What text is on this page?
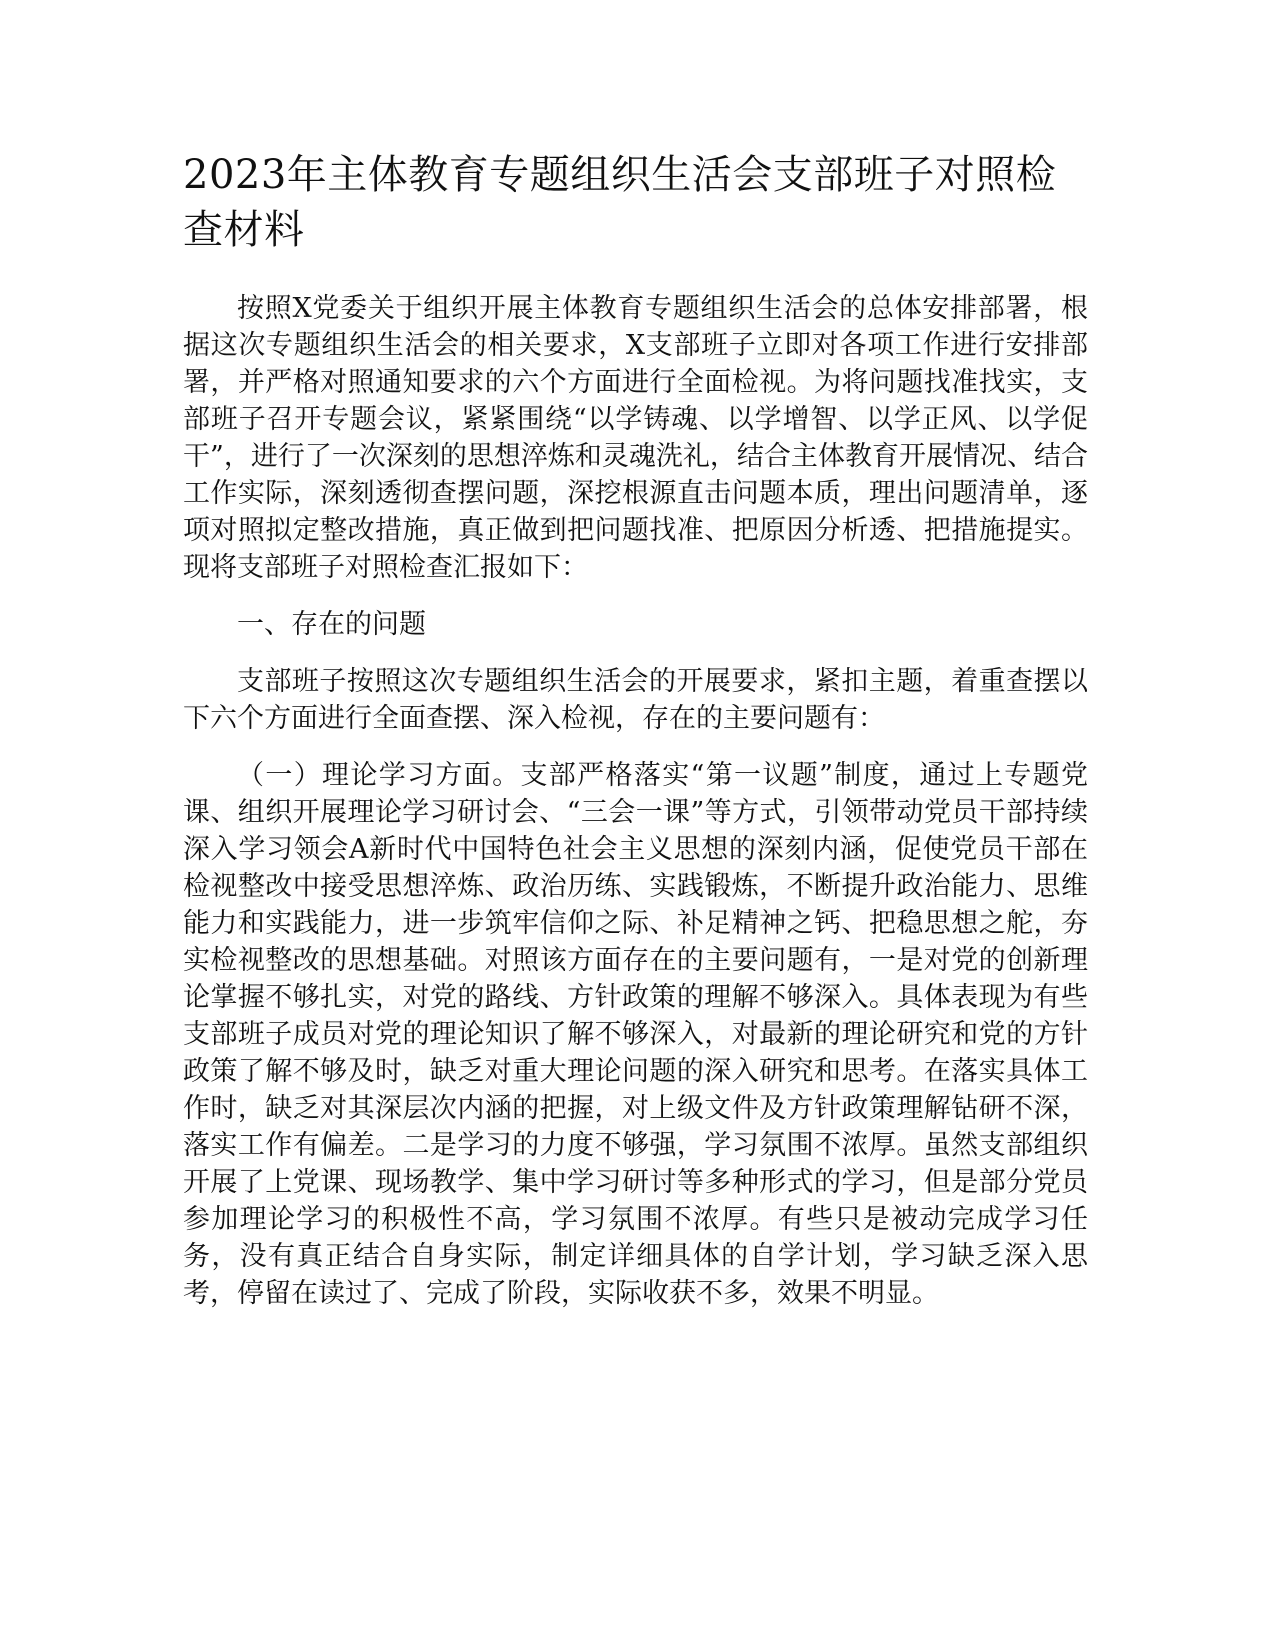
2023年主体教育专题组织生活会支部班子对照检查材料

按照X党委关于组织开展主体教育专题组织生活会的总体安排部署，根据这次专题组织生活会的相关要求，X支部班子立即对各项工作进行安排部署，并严格对照通知要求的六个方面进行全面检视。为将问题找准找实，支部班子召开专题会议，紧紧围绕“以学铸魂、以学增智、以学正风、以学促干”，进行了一次深刻的思想淬炼和灵魂洗礼，结合主体教育开展情况、结合工作实际，深刻透彻查摆问题，深挖根源直击问题本质，理出问题清单，逐项对照拟定整改措施，真正做到把问题找准、把原因分析透、把措施提实。现将支部班子对照检查汇报如下：

一、存在的问题

支部班子按照这次专题组织生活会的开展要求，紧扣主题，着重查摆以下六个方面进行全面查摆、深入检视，存在的主要问题有：

（一）理论学习方面。支部严格落实“第一议题”制度，通过上专题党课、组织开展理论学习研讨会、“三会一课”等方式，引领带动党员干部持续深入学习领会A新时代中国特色社会主义思想的深刻内涵，促使党员干部在检视整改中接受思想淬炼、政治历练、实践锻炼，不断提升政治能力、思维能力和实践能力，进一步筑牢信仰之际、补足精神之钙、把稳思想之舵，夯实检视整改的思想基础。对照该方面存在的主要问题有，一是对党的创新理论掌握不够扎实，对党的路线、方针政策的理解不够深入。具体表现为有些支部班子成员对党的理论知识了解不够深入，对最新的理论研究和党的方针政策了解不够及时，缺乏对重大理论问题的深入研究和思考。在落实具体工作时，缺乏对其深层次内涵的把握，对上级文件及方针政策理解钻研不深，落实工作有偏差。二是学习的力度不够强，学习氛围不浓厚。虽然支部组织开展了上党课、现场教学、集中学习研讨等多种形式的学习，但是部分党员参加理论学习的积极性不高，学习氛围不浓厚。有些只是被动完成学习任务，没有真正结合自身实际，制定详细具体的自学计划，学习缺乏深入思考，停留在读过了、完成了阶段，实际收获不多，效果不明显。
